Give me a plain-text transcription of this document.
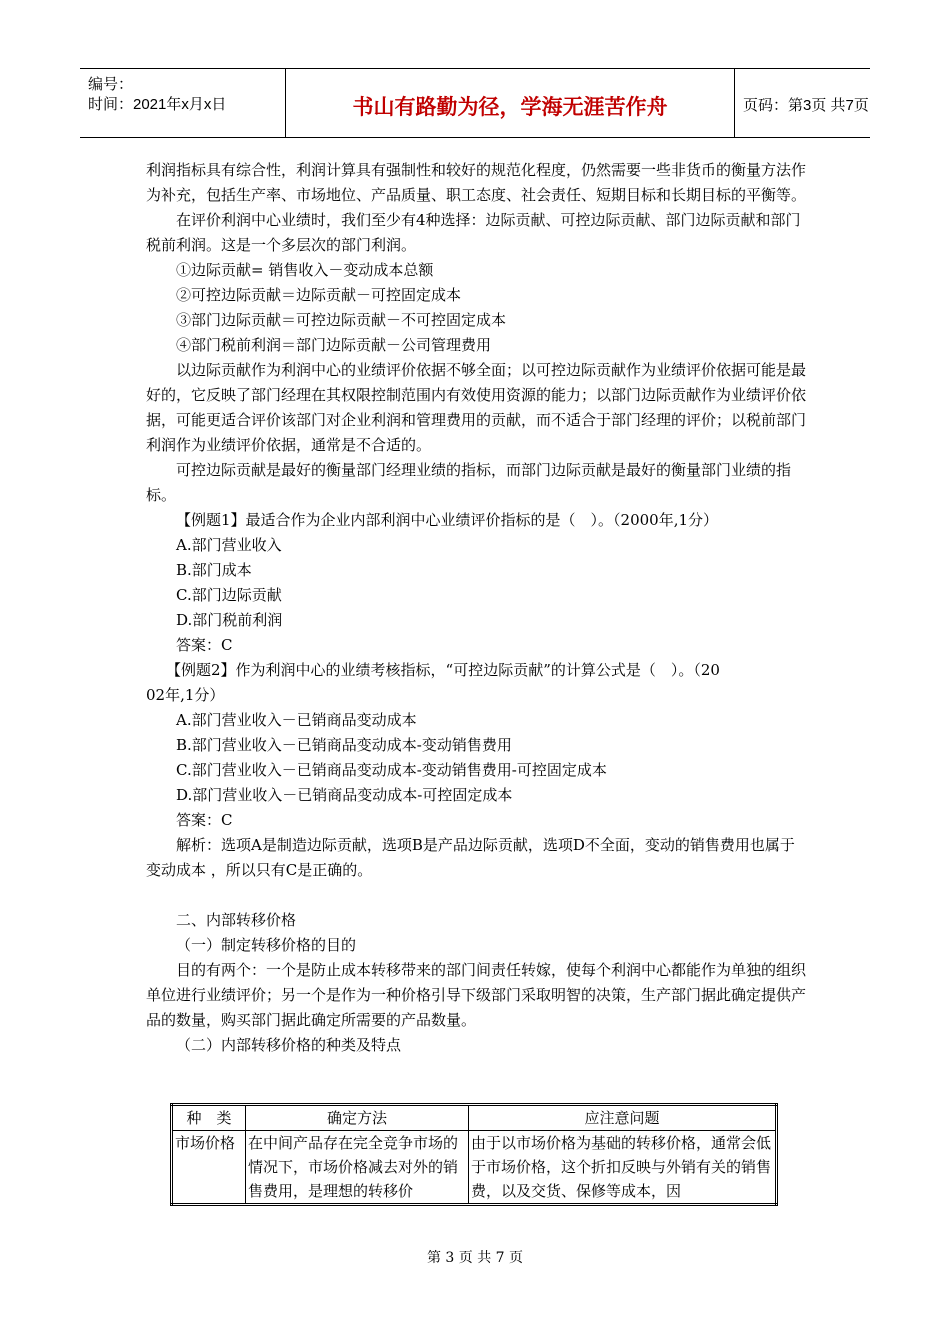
编号：
时间：2021年x月x日	书山有路勤为径，学海无涯苦作舟	页码：第3页 共7页

利润指标具有综合性，利润计算具有强制性和较好的规范化程度，仍然需要一些非货币的衡量方法作为补充，包括生产率、市场地位、产品质量、职工态度、社会责任、短期目标和长期目标的平衡等。

在评价利润中心业绩时，我们至少有4种选择：边际贡献、可控边际贡献、部门边际贡献和部门税前利润。这是一个多层次的部门利润。

①边际贡献= 销售收入－变动成本总额

②可控边际贡献＝边际贡献－可控固定成本

③部门边际贡献＝可控边际贡献－不可控固定成本

④部门税前利润＝部门边际贡献－公司管理费用

以边际贡献作为利润中心的业绩评价依据不够全面；以可控边际贡献作为业绩评价依据可能是最好的，它反映了部门经理在其权限控制范围内有效使用资源的能力；以部门边际贡献作为业绩评价依据，可能更适合评价该部门对企业利润和管理费用的贡献，而不适合于部门经理的评价；以税前部门利润作为业绩评价依据，通常是不合适的。

可控边际贡献是最好的衡量部门经理业绩的指标，而部门边际贡献是最好的衡量部门业绩的指标。

【例题1】最适合作为企业内部利润中心业绩评价指标的是（　）。（2000年,1分）

A.部门营业收入

B.部门成本

C.部门边际贡献

D.部门税前利润

答案：C

【例题2】作为利润中心的业绩考核指标，“可控边际贡献”的计算公式是（　）。（20

02年,1分）

A.部门营业收入－已销商品变动成本

B.部门营业收入－已销商品变动成本-变动销售费用

C.部门营业收入－已销商品变动成本-变动销售费用-可控固定成本

D.部门营业收入－已销商品变动成本-可控固定成本

答案：C

解析：选项A是制造边际贡献，选项B是产品边际贡献，选项D不全面，变动的销售费用也属于变动成本 ，所以只有C是正确的。

二、内部转移价格

（一）制定转移价格的目的

目的有两个：一个是防止成本转移带来的部门间责任转嫁，使每个利润中心都能作为单独的组织单位进行业绩评价；另一个是作为一种价格引导下级部门采取明智的决策，生产部门据此确定提供产品的数量，购买部门据此确定所需要的产品数量。

（二）内部转移价格的种类及特点

种　类	确定方法	应注意问题
市场价格	在中间产品存在完全竞争市场的情况下，市场价格减去对外的销售费用，是理想的转移价	由于以市场价格为基础的转移价格，通常会低于市场价格，这个折扣反映与外销有关的销售费，以及交货、保修等成本，因
第 3 页 共 7 页
